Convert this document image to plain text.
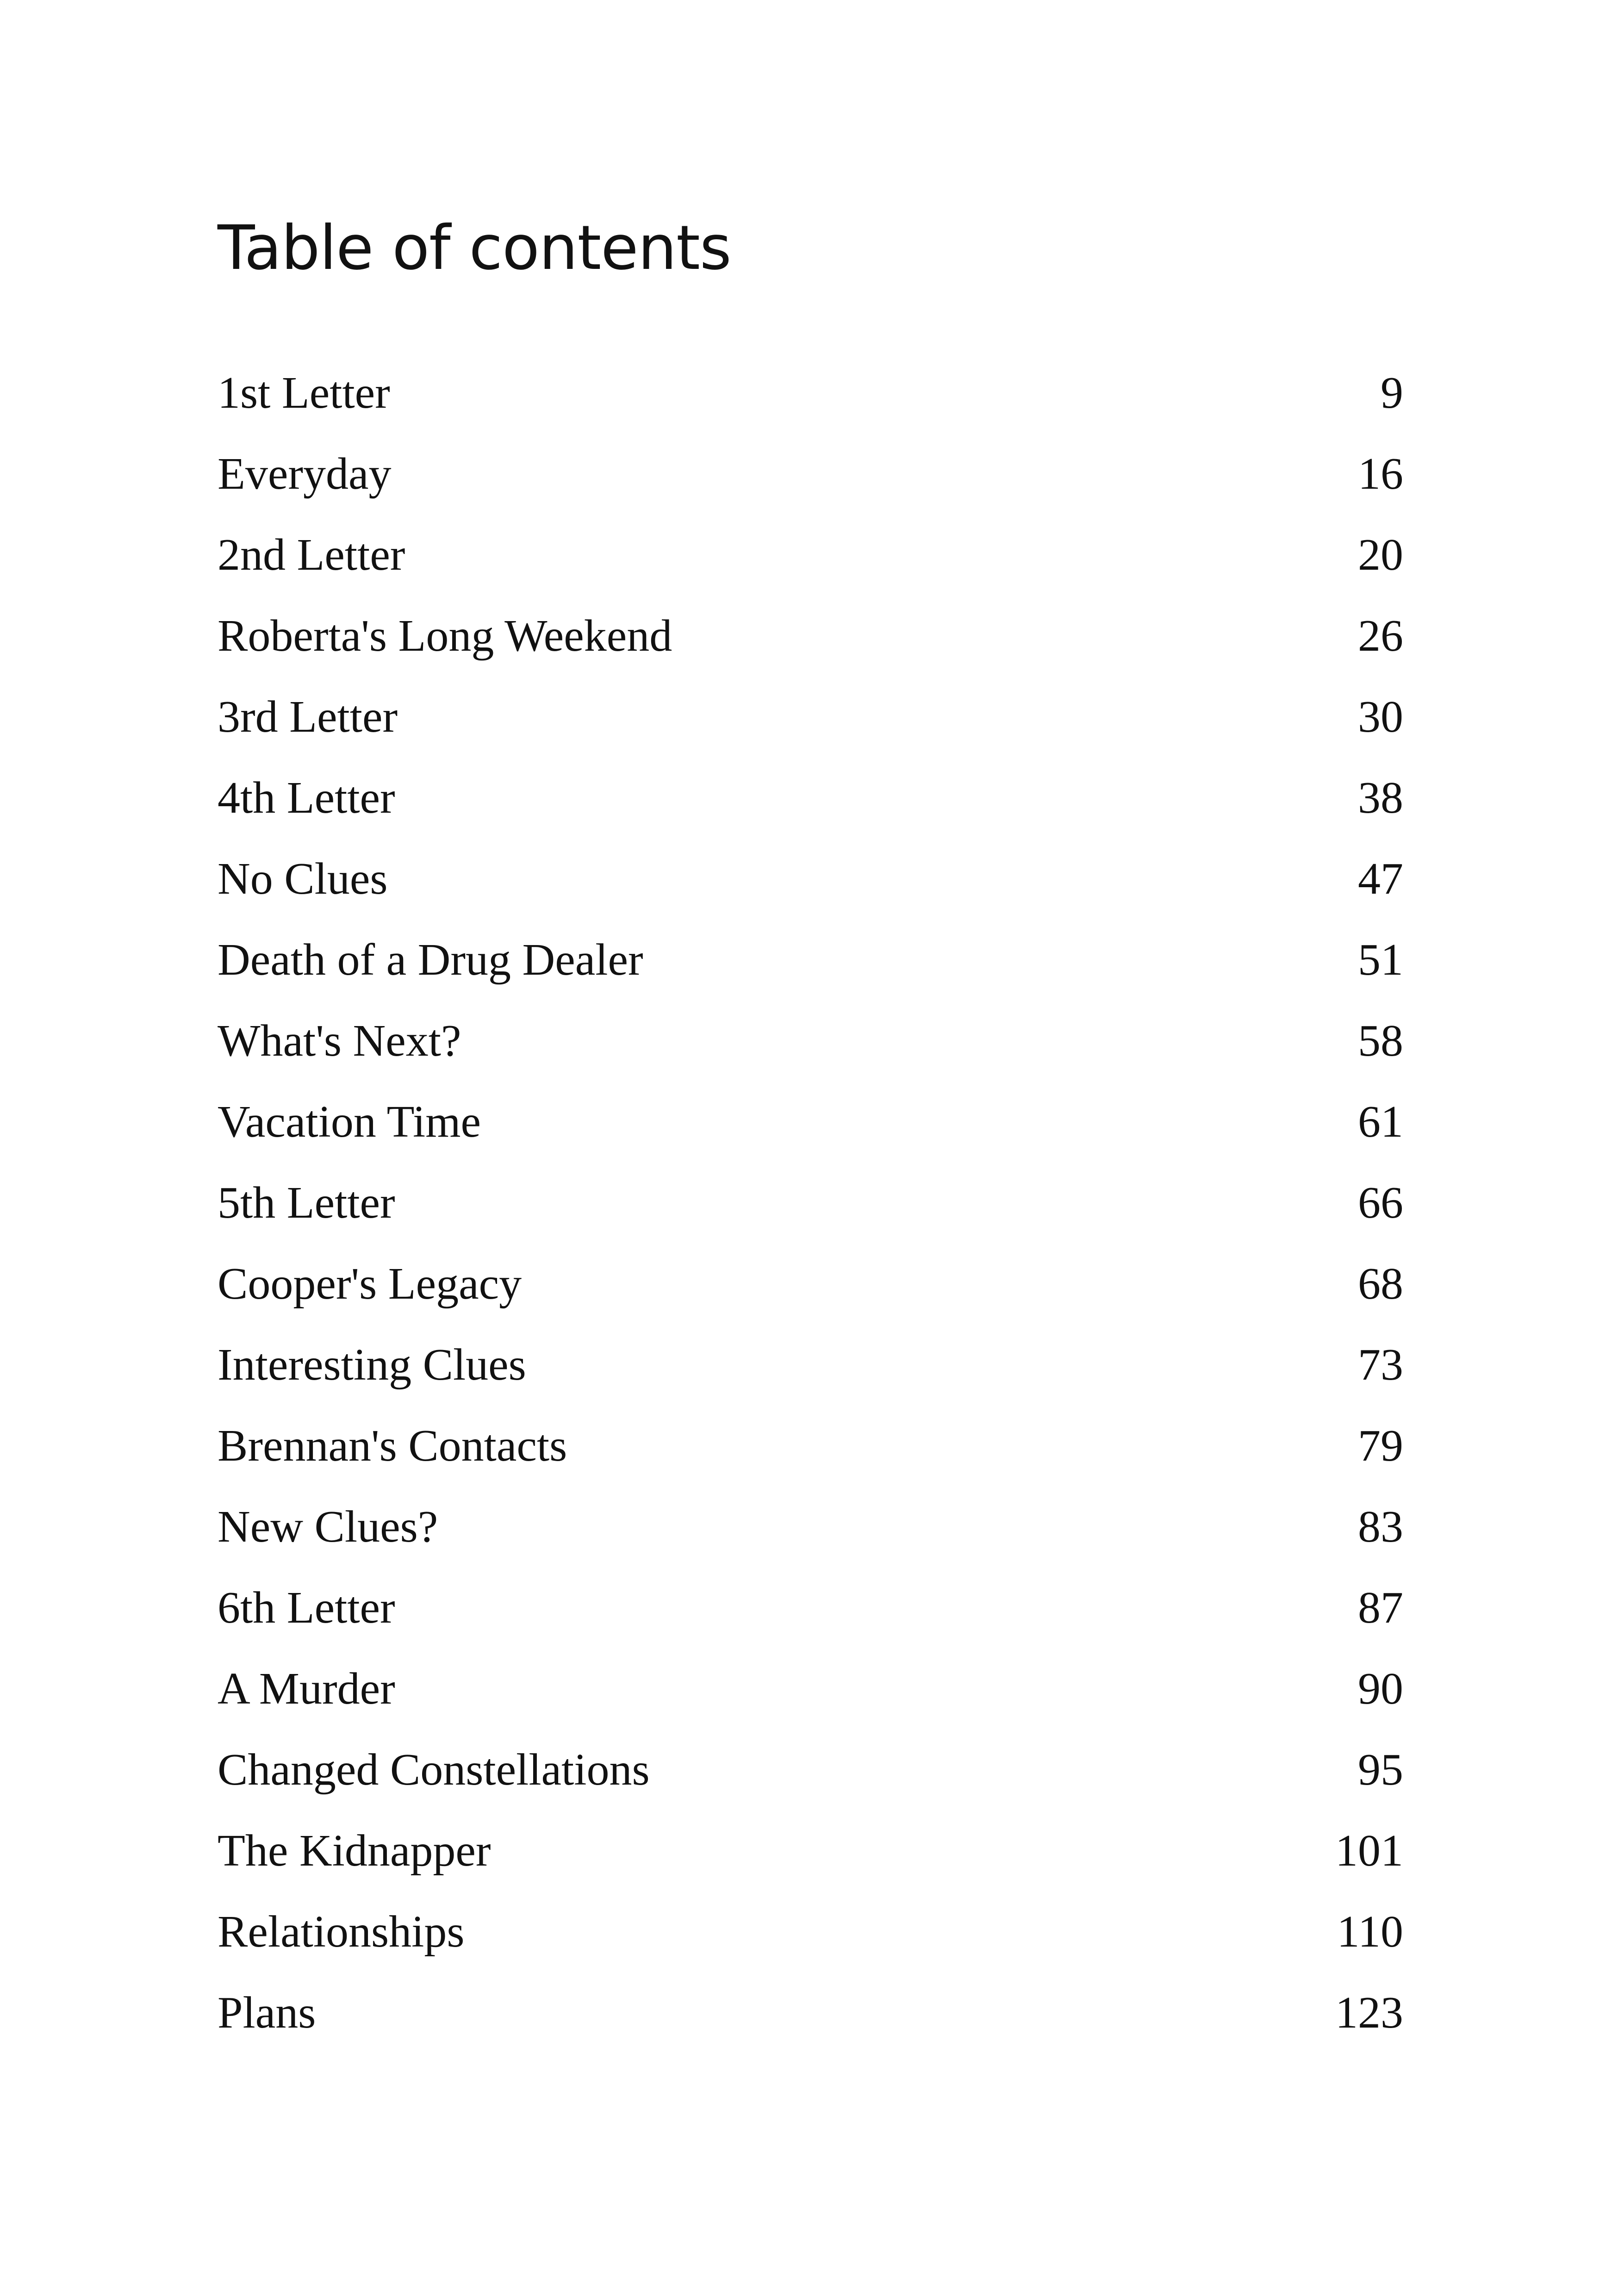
Table of contents
1st Letter	9
Everyday	16
2nd Letter	20
Roberta's Long Weekend	26
3rd Letter	30
4th Letter	38
No Clues	47
Death of a Drug Dealer	51
What's Next?	58
Vacation Time	61
5th Letter	66
Cooper's Legacy	68
Interesting Clues	73
Brennan's Contacts	79
New Clues?	83
6th Letter	87
A Murder	90
Changed Constellations	95
The Kidnapper	101
Relationships	110
Plans	123
